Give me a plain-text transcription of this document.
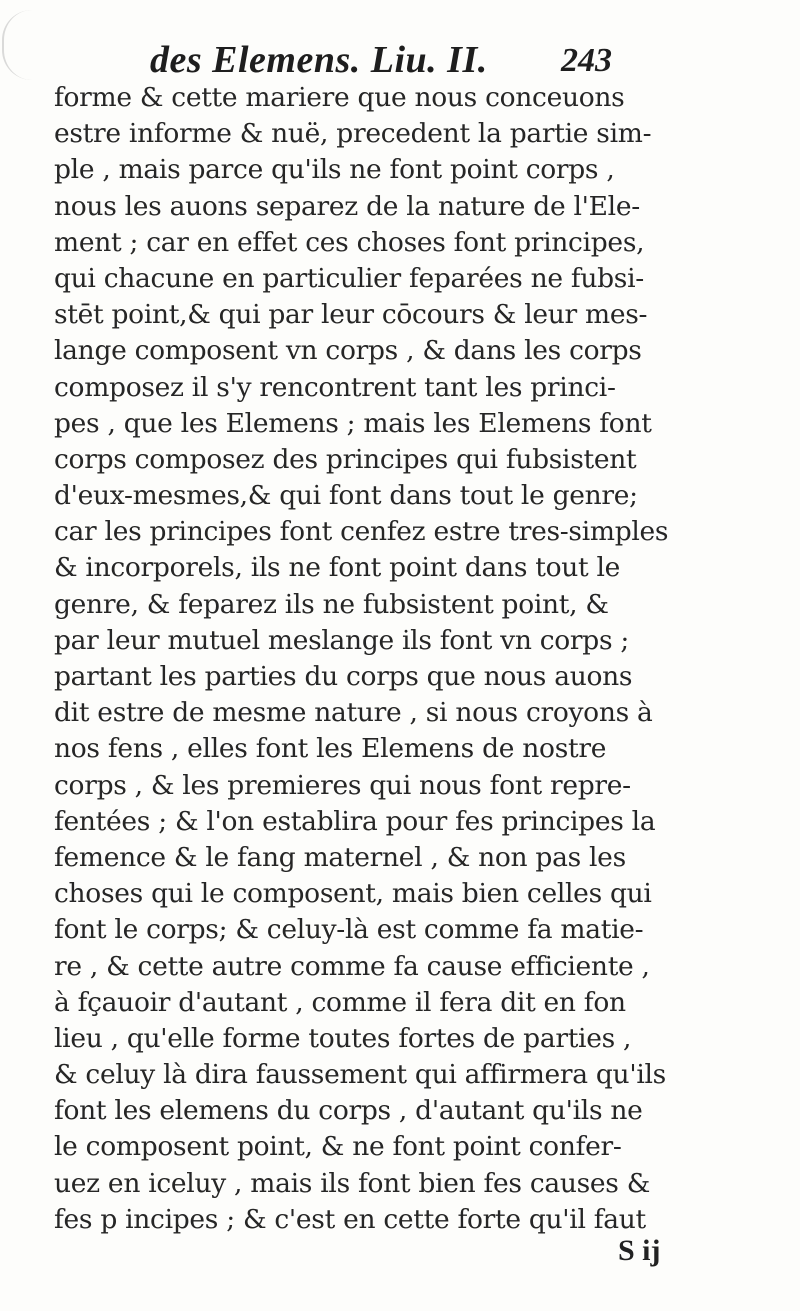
des Elemens. Liu. II. 243
forme & cette mariere que nous conceuons
estre informe & nuë, precedent la partie sim-
ple , mais parce qu'ils ne font point corps ,
nous les auons separez de la nature de l'Ele-
ment ; car en effet ces choses font principes,
qui chacune en particulier feparées ne fubsi-
stēt point,& qui par leur cōcours & leur mes-
lange composent vn corps , & dans les corps
composez il s'y rencontrent tant les princi-
pes , que les Elemens ; mais les Elemens font
corps composez des principes qui fubsistent
d'eux-mesmes,& qui font dans tout le genre;
car les principes font cenfez estre tres-simples
& incorporels, ils ne font point dans tout le
genre, & feparez ils ne fubsistent point, &
par leur mutuel meslange ils font vn corps ;
partant les parties du corps que nous auons
dit estre de mesme nature , si nous croyons à
nos fens , elles font les Elemens de nostre
corps , & les premieres qui nous font repre-
fentées ; & l'on establira pour fes principes la
femence & le fang maternel , & non pas les
choses qui le composent, mais bien celles qui
font le corps; & celuy-là est comme fa matie-
re , & cette autre comme fa cause efficiente ,
à fçauoir d'autant , comme il fera dit en fon
lieu , qu'elle forme toutes fortes de parties ,
& celuy là dira faussement qui affirmera qu'ils
font les elemens du corps , d'autant qu'ils ne
le composent point, & ne font point confer-
uez en iceluy , mais ils font bien fes causes &
fes p incipes ; & c'est en cette forte qu'il faut
S ij
